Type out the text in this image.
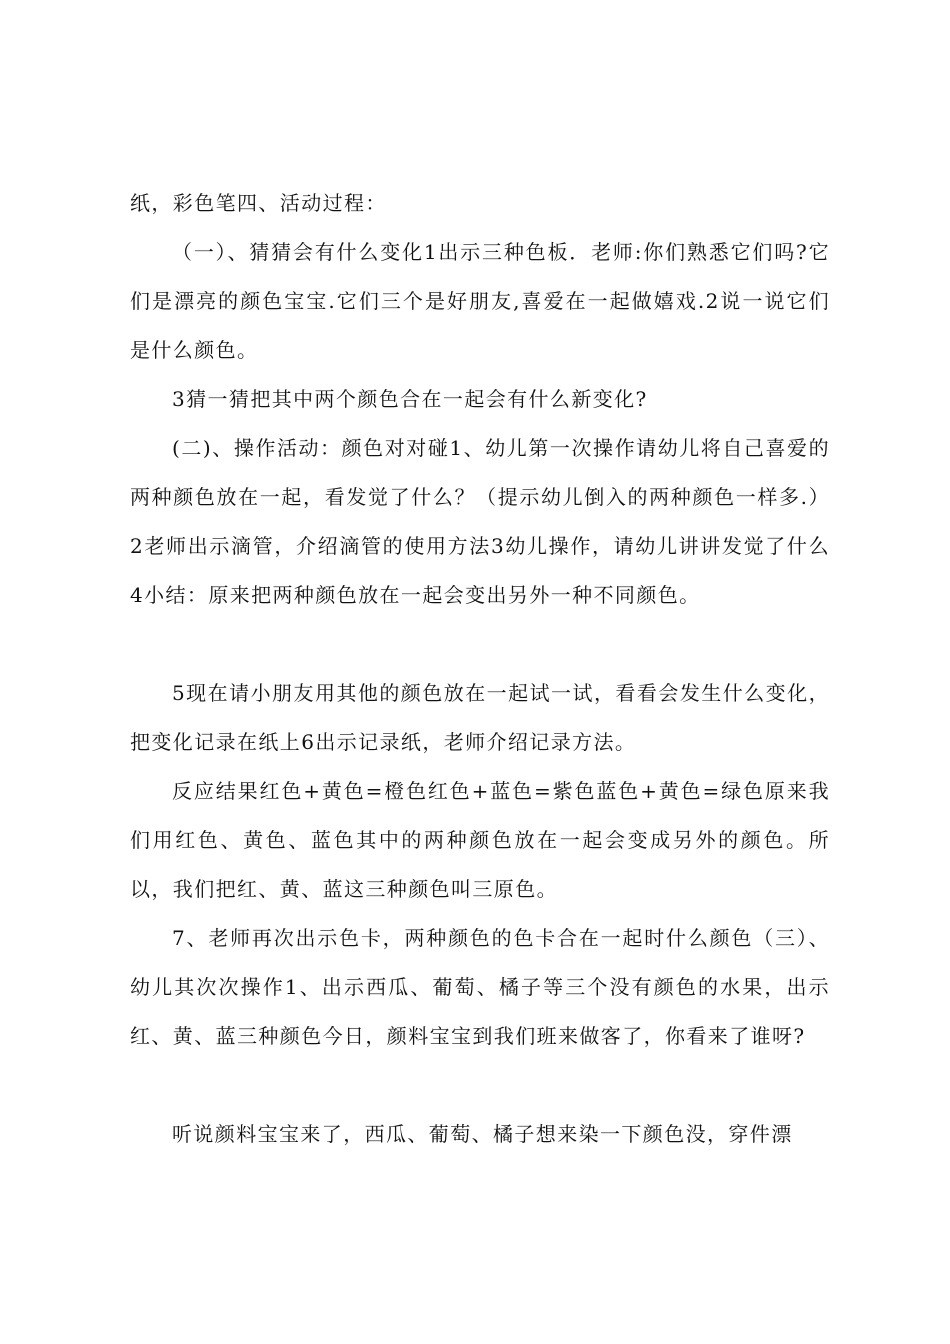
纸，彩色笔四、活动过程：

（一）、猜猜会有什么变化1出示三种色板．老师:你们熟悉它们吗?它们是漂亮的颜色宝宝.它们三个是好朋友,喜爱在一起做嬉戏.2说一说它们是什么颜色。

3猜一猜把其中两个颜色合在一起会有什么新变化?

(二)、操作活动：颜色对对碰1、幼儿第一次操作请幼儿将自己喜爱的两种颜色放在一起，看发觉了什么？（提示幼儿倒入的两种颜色一样多.）2老师出示滴管，介绍滴管的使用方法3幼儿操作，请幼儿讲讲发觉了什么4小结：原来把两种颜色放在一起会变出另外一种不同颜色。

5现在请小朋友用其他的颜色放在一起试一试，看看会发生什么变化，把变化记录在纸上6出示记录纸，老师介绍记录方法。

反应结果红色+黄色=橙色红色+蓝色=紫色蓝色+黄色=绿色原来我们用红色、黄色、蓝色其中的两种颜色放在一起会变成另外的颜色。所以，我们把红、黄、蓝这三种颜色叫三原色。

7、老师再次出示色卡，两种颜色的色卡合在一起时什么颜色（三）、幼儿其次次操作1、出示西瓜、葡萄、橘子等三个没有颜色的水果，出示红、黄、蓝三种颜色今日，颜料宝宝到我们班来做客了，你看来了谁呀?

听说颜料宝宝来了，西瓜、葡萄、橘子想来染一下颜色没，穿件漂
